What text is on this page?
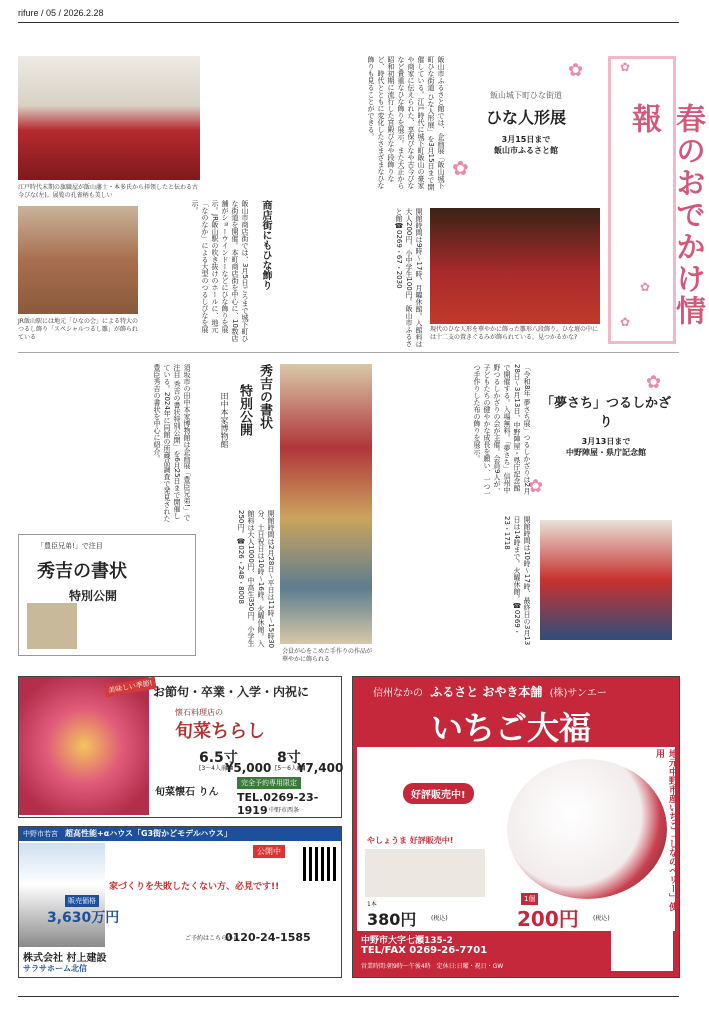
rifure / 05 / 2026.2.28
春のおでかけ情報
✿
✿
✿
飯山城下町ひな街道
ひな人形展
3月15日まで
飯山市ふるさと館
✿
✿
飯山市ふるさと館では、企画展「飯山城下町ひな街道 ひな人形展」を3月15日まで開催している。江戸時代に城下町飯山の豪家や商家に伝えられた、享保びなや古今びななど貴重なひな飾りを展示。また大正から昭和初期に流行した宮殿びなや段飾りなど、時代とともに変化したさまざまなひな飾りも見ることができる。
江戸時代末期の旗職屋が飯山藩士・本多氏から拝領したと伝わる古今びな(左)。展覧の孔雀柄も美しい
現代のひな人形を華やかに飾った雛形八段飾り。ひな壇の中には十二支の置きぐるみが飾られている。見つかるかな?
開館時間は9時〜17時、月曜休館。入館料は大人200円、小中学生100円。飯山市ふるさと館☎0269・67・2030
商店街にもひな飾り
飯山市商店街では、3月5日ごろまで城下町ひな街道を開催。本町商店街を中心に、10数店舗がショーウインドーなどにひな飾りを展示。JR飯山駅の吹き抜けのホールに、地元「なのなか」による大型のつるしびなを展示。
JR飯山駅には地元「ひなの会」による特大のつるし飾り「スペシャルつるし雛」が飾られている
「夢さち」つるしかざり
3月13日まで
中野陣屋・県庁記念館
✿
✿
「令和8年 夢さち展」つるしかざりは2月28日〜3月13日、中野陣屋・県庁記念館で開催する。入場無料。「夢さち」信州中野つるしかざりの会が主催。会員9人が、子どもたちの健やかな成長を願い、一つ一つ手作りした布の飾りを展示。
開館時間は10時〜17時、最終日の3月13日は14時まで。火曜休館。☎0269・23・1718
会員が心をこめた手作りの作品が華やかに飾られる
秀吉の書状
特別公開
田中本家博物館
須坂市の田中本家博物館は企画展「豊臣兄弟!」で注目 秀吉の書状特別公開」を6月25日まで開催している。2024年に同館の所蔵品調査で発見された豊臣秀吉の書状を中心に紹介。
開館時間は2月28日〜平日は11時〜15時30分、土日祝日は10時〜16時。火曜休館。入館料は大人1000円、中高生350円、小学生250円。☎026・248・8008
「豊臣兄弟!」で注目
秀吉の書状
特別公開
美味しい季節! お節句・卒業・入学・内祝に
懐石料理店の
旬菜ちらし
6.5寸
[3〜4人前]
¥5,000
8寸
[5〜6人前]
¥7,400
完全予約専用限定
旬菜懐石 りん TEL.0269-23-1919 中野市西条
信州なかの ふるさと おやき本舗 (株)サンエー
いちご大福
好評販売中!
やしょうま 好評販売中!
1本
380円 (税込)
1個
200円 (税込)
地元中野市産いちご「しなのベリー」使用
中野市大字七瀬135-2
TEL/FAX 0269-26-7701
営業時間:朝9時〜午後4時 定休日:日曜・祝日・GW
中野市若宮 超高性能+αハウス「G3街かどモデルハウス」
公開中
家づくりを失敗したくない方、必見です!!
販売価格
3,630万円
株式会社 村上建設
サラサホーム北信
ご予約はこちらから
0120-24-1585
